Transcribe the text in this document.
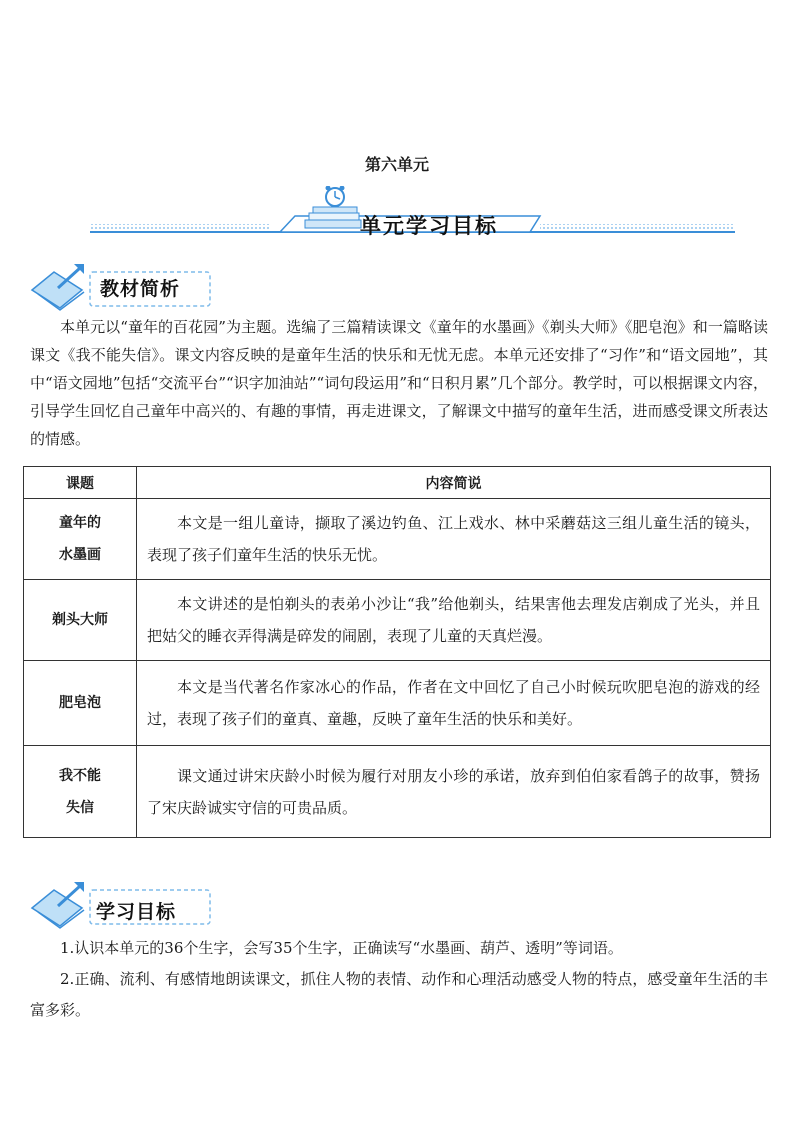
第六单元
单元学习目标
教材简析

本单元以“童年的百花园”为主题。选编了三篇精读课文《童年的水墨画》《剃头大师》《肥皂泡》和一篇略读课文《我不能失信》。课文内容反映的是童年生活的快乐和无忧无虑。本单元还安排了“习作”和“语文园地”，其中“语文园地”包括“交流平台”“识字加油站”“词句段运用”和“日积月累”几个部分。教学时，可以根据课文内容，引导学生回忆自己童年中高兴的、有趣的事情，再走进课文，了解课文中描写的童年生活，进而感受课文所表达的情感。

课题	内容简说

童年的
水墨画	本文是一组儿童诗，撷取了溪边钓鱼、江上戏水、林中采蘑菇这三组儿童生活的镜头，表现了孩子们童年生活的快乐无忧。

剃头大师	本文讲述的是怕剃头的表弟小沙让“我”给他剃头，结果害他去理发店剃成了光头，并且把姑父的睡衣弄得满是碎发的闹剧，表现了儿童的天真烂漫。

肥皂泡	本文是当代著名作家冰心的作品，作者在文中回忆了自己小时候玩吹肥皂泡的游戏的经过，表现了孩子们的童真、童趣，反映了童年生活的快乐和美好。

我不能
失信	课文通过讲宋庆龄小时候为履行对朋友小珍的承诺，放弃到伯伯家看鸽子的故事，赞扬了宋庆龄诚实守信的可贵品质。
学习目标

1.认识本单元的36个生字，会写35个生字，正确读写“水墨画、葫芦、透明”等词语。

2.正确、流利、有感情地朗读课文，抓住人物的表情、动作和心理活动感受人物的特点，感受童年生活的丰富多彩。
